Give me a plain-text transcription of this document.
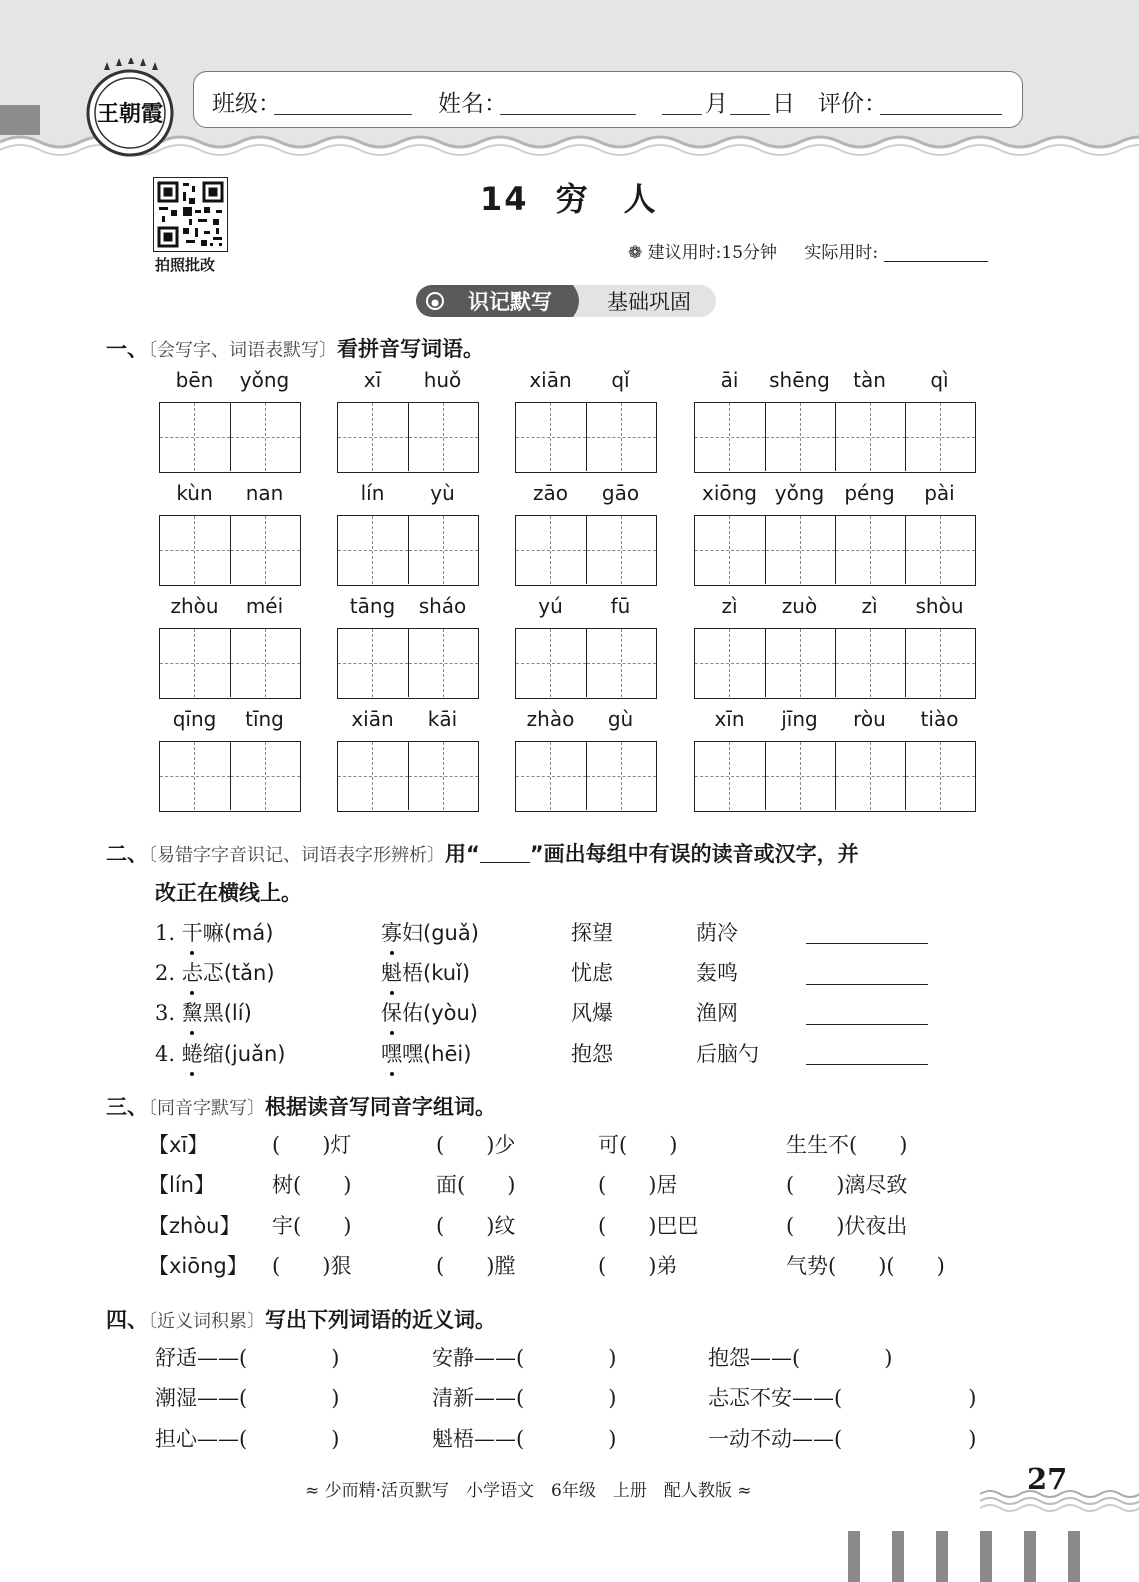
王朝霞 班级：	姓名：	月 日 评价：
拍照批改
14 穷　人
❁ 建议用时:15分钟 实际用时:
识记默写	基础巩固
一、〔会写字、词语表默写〕看拼音写词语。
bēn	yǒng	xī	huǒ	xiān	qǐ	āi	shēng	tàn	qì
kùn	nan	lín	yù	zāo	gāo	xiōng yǒng	péng	pài
zhòu	méi	tāng	sháo	yú	fū	zì	zuò	zì	shòu
qīng	tīng	xiān	kāi	zhào	gù	xīn	jīng	ròu	tiào
二、〔易错字字音识记、词语表字形辨析〕用“ ”画出每组中有误的读音或汉字，并
改正在横线上。
1. 干嘛(má)	寡妇(guǎ)	探望	荫冷
2. 忐忑(tǎn)	魁梧(kuǐ)	忧虑	轰鸣
3. 黧黑(lí)	保佑(yòu)	风爆	渔网
4. 蜷缩(juǎn)	嘿嘿(hēi)	抱怨	后脑勺
三、〔同音字默写〕根据读音写同音字组词。
【xī】	(　　)灯	(　　)少	可(　　)	生生不(　　)
【lín】	树(　　)	面(　　)	(　　)居	(　　)漓尽致
【zhòu】 宇(　　)	(　　)纹	(　　)巴巴	(　　)伏夜出
【xiōng】 (　　)狠	(　　)膛	(　　)弟	气势(　　)(　　)
四、〔近义词积累〕写出下列词语的近义词。
舒适——(　　　　)	安静——(　　　　)	抱怨——(　　　　)
潮湿——(　　　　)	清新——(　　　　)	忐忑不安——(　　　　　　)
担心——(　　　　)	魁梧——(　　　　)	一动不动——(　　　　　　)
≈ 少而精·活页默写　小学语文　6年级　上册　配人教版 ≈	27
